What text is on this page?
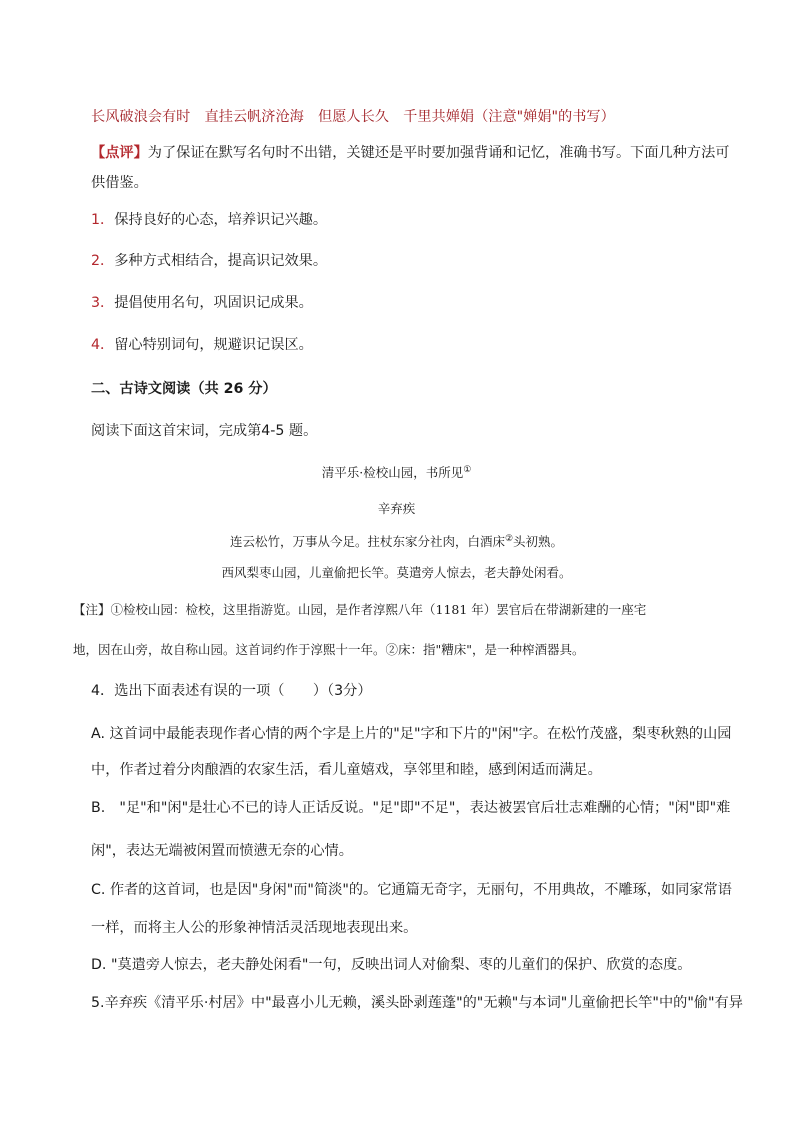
长风破浪会有时　直挂云帆济沧海　但愿人长久　千里共婵娟（注意"婵娟"的书写）
【点评】为了保证在默写名句时不出错，关键还是平时要加强背诵和记忆，准确书写。下面几种方法可
供借鉴。
1．保持良好的心态，培养识记兴趣。
2．多种方式相结合，提高识记效果。
3．提倡使用名句，巩固识记成果。
4．留心特别词句，规避识记误区。
二、古诗文阅读（共 26 分）
阅读下面这首宋词，完成第4-5 题。
清平乐·检校山园，书所见①
辛弃疾
连云松竹，万事从今足。拄杖东家分社肉，白酒床②头初熟。
西风梨枣山园，儿童偷把长竿。莫遣旁人惊去，老夫静处闲看。
【注】①检校山园：检校，这里指游览。山园，是作者淳熙八年（1181 年）罢官后在带湖新建的一座宅
地，因在山旁，故自称山园。这首词约作于淳熙十一年。②床：指"糟床"，是一种榨酒器具。
4．选出下面表述有误的一项（　　）（3分）
A. 这首词中最能表现作者心情的两个字是上片的"足"字和下片的"闲"字。在松竹茂盛，梨枣秋熟的山园
中，作者过着分肉酿酒的农家生活，看儿童嬉戏，享邻里和睦，感到闲适而满足。
B.　"足"和"闲"是壮心不已的诗人正话反说。"足"即"不足"，表达被罢官后壮志难酬的心情；"闲"即"难
闲"，表达无端被闲置而愤懑无奈的心情。
C. 作者的这首词，也是因"身闲"而"简淡"的。它通篇无奇字，无丽句，不用典故，不雕琢，如同家常语
一样，而将主人公的形象神情活灵活现地表现出来。
D. "莫遣旁人惊去，老夫静处闲看"一句，反映出词人对偷梨、枣的儿童们的保护、欣赏的态度。
5.辛弃疾《清平乐·村居》中"最喜小儿无赖，溪头卧剥莲蓬"的"无赖"与本词"儿童偷把长竿"中的"偷"有异
